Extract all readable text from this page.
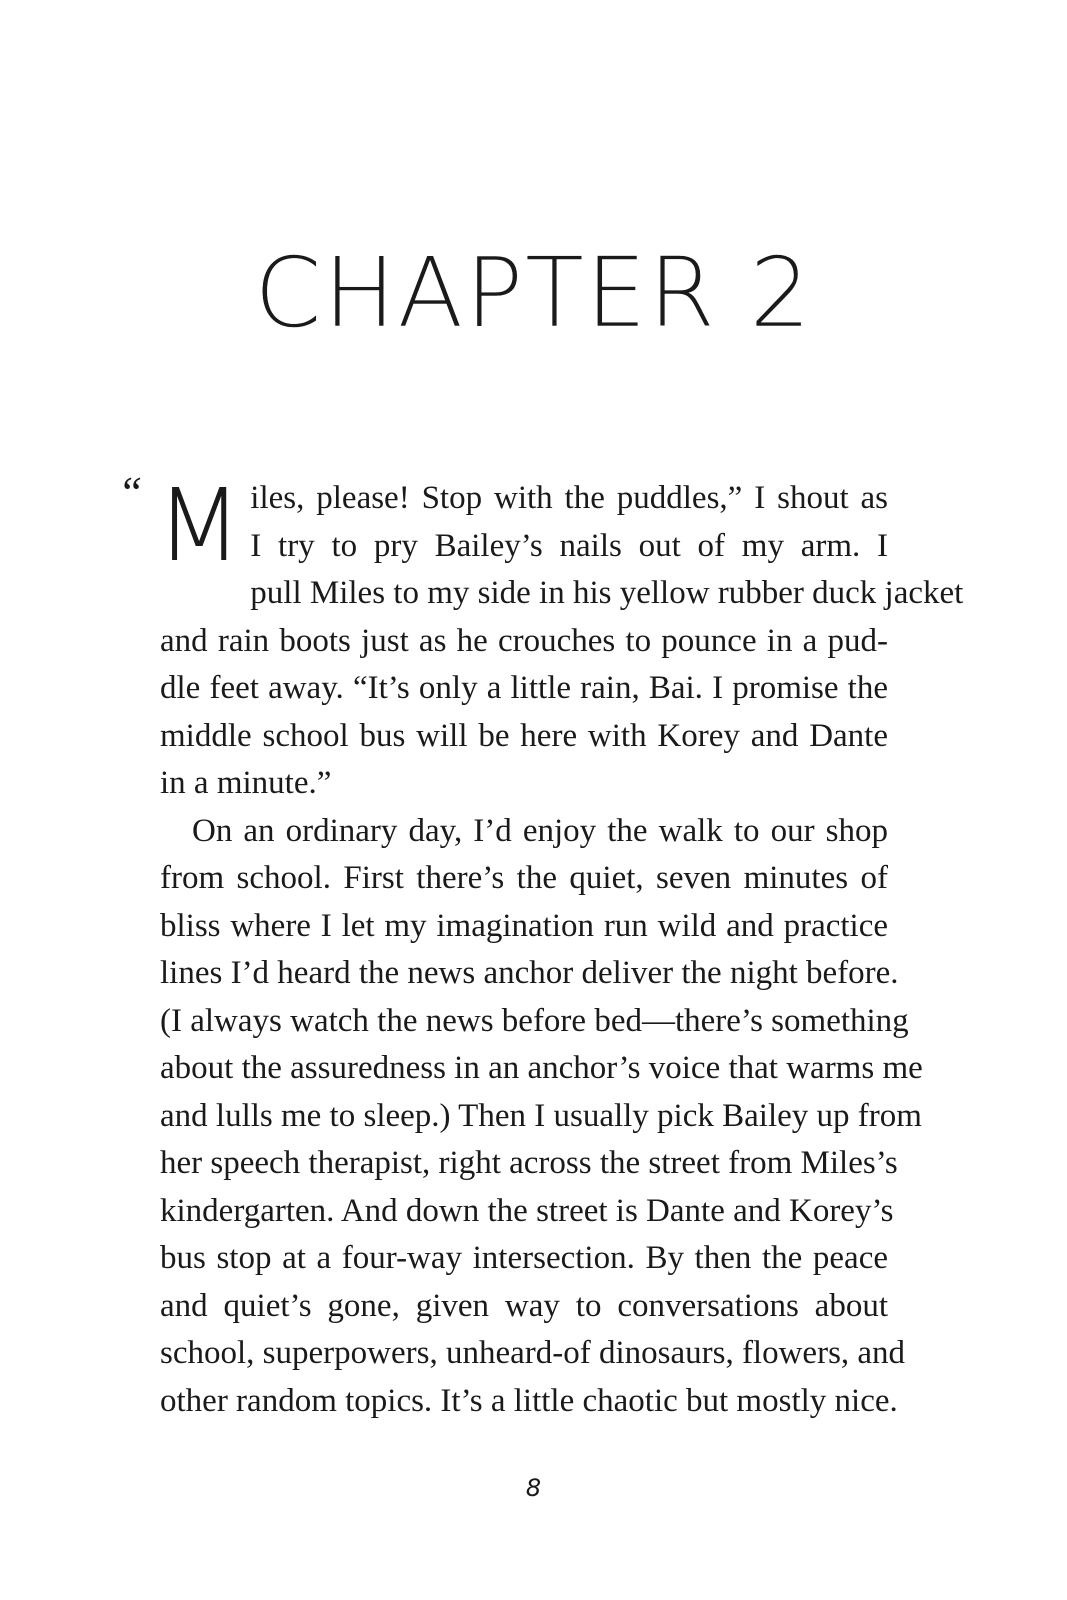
CHAPTER 2
“ M iles, please! Stop with the puddles,” I shout as
I try to pry Bailey’s nails out of my arm. I
pull Miles to my side in his yellow rubber duck jacket
and rain boots just as he crouches to pounce in a pud-
dle feet away. “It’s only a little rain, Bai. I promise the
middle school bus will be here with Korey and Dante
in a minute.”
On an ordinary day, I’d enjoy the walk to our shop
from school. First there’s the quiet, seven minutes of
bliss where I let my imagination run wild and practice
lines I’d heard the news anchor deliver the night before.
(I always watch the news before bed—there’s something
about the assuredness in an anchor’s voice that warms me
and lulls me to sleep.) Then I usually pick Bailey up from
her speech therapist, right across the street from Miles’s
kindergarten. And down the street is Dante and Korey’s
bus stop at a four-way intersection. By then the peace
and quiet’s gone, given way to conversations about
school, superpowers, unheard-of dinosaurs, flowers, and
other random topics. It’s a little chaotic but mostly nice.
8
